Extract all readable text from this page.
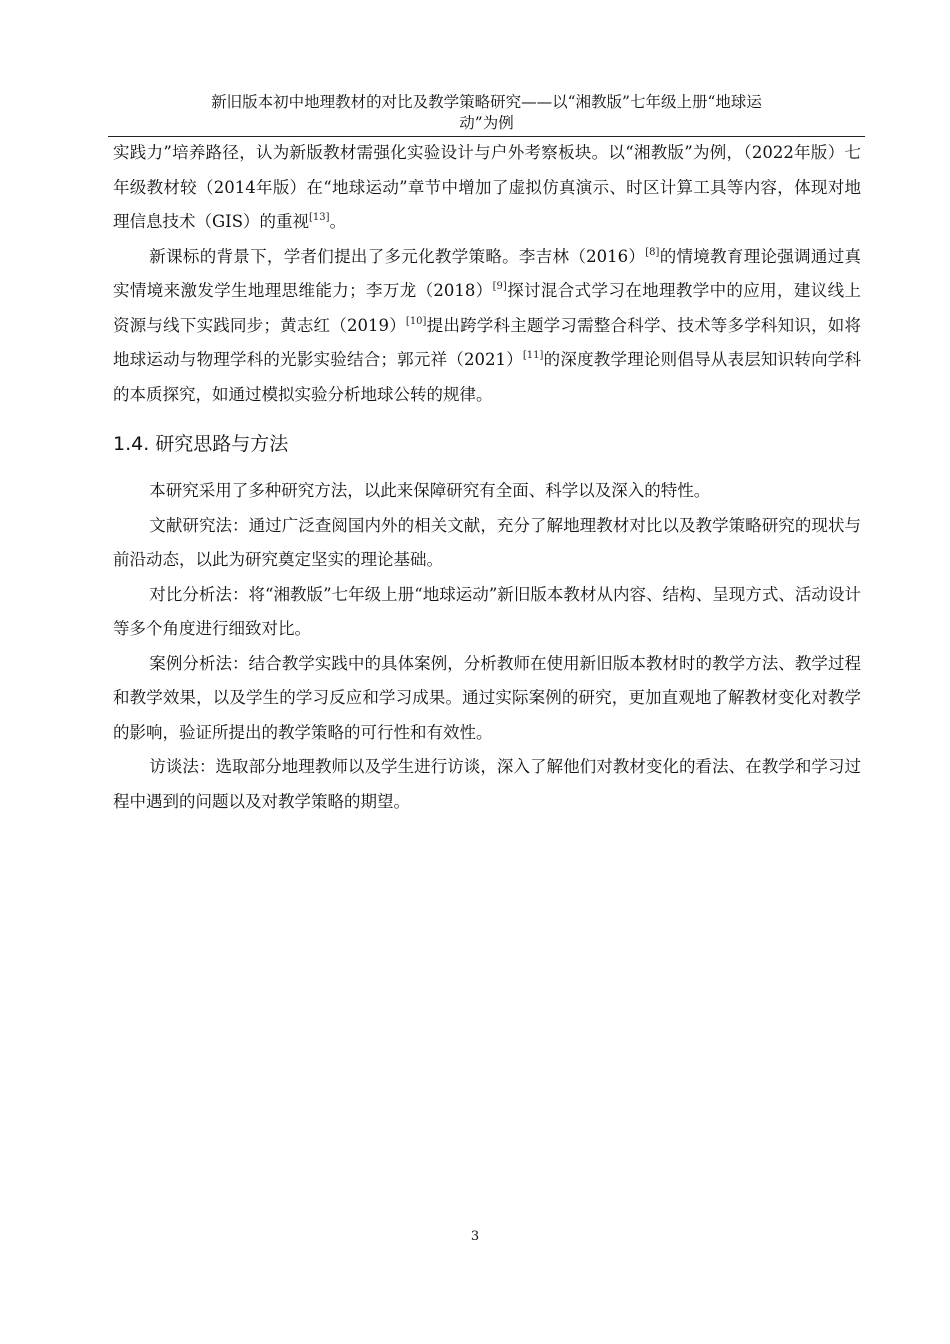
新旧版本初中地理教材的对比及教学策略研究——以“湘教版”七年级上册“地球运
动”为例

实践力”培养路径，认为新版教材需强化实验设计与户外考察板块。以“湘教版”为例，（2022年版）七年级教材较（2014年版）在“地球运动”章节中增加了虚拟仿真演示、时区计算工具等内容，体现对地理信息技术（GIS）的重视[13]。

新课标的背景下，学者们提出了多元化教学策略。李吉林（2016）[8]的情境教育理论强调通过真实情境来激发学生地理思维能力；李万龙（2018）[9]探讨混合式学习在地理教学中的应用，建议线上资源与线下实践同步；黄志红（2019）[10]提出跨学科主题学习需整合科学、技术等多学科知识，如将地球运动与物理学科的光影实验结合；郭元祥（2021）[11]的深度教学理论则倡导从表层知识转向学科的本质探究，如通过模拟实验分析地球公转的规律。

1.4. 研究思路与方法

本研究采用了多种研究方法，以此来保障研究有全面、科学以及深入的特性。

文献研究法：通过广泛查阅国内外的相关文献，充分了解地理教材对比以及教学策略研究的现状与前沿动态，以此为研究奠定坚实的理论基础。

对比分析法：将“湘教版”七年级上册“地球运动”新旧版本教材从内容、结构、呈现方式、活动设计等多个角度进行细致对比。

案例分析法：结合教学实践中的具体案例，分析教师在使用新旧版本教材时的教学方法、教学过程和教学效果，以及学生的学习反应和学习成果。通过实际案例的研究，更加直观地了解教材变化对教学的影响，验证所提出的教学策略的可行性和有效性。

访谈法：选取部分地理教师以及学生进行访谈，深入了解他们对教材变化的看法、在教学和学习过程中遇到的问题以及对教学策略的期望。

3
